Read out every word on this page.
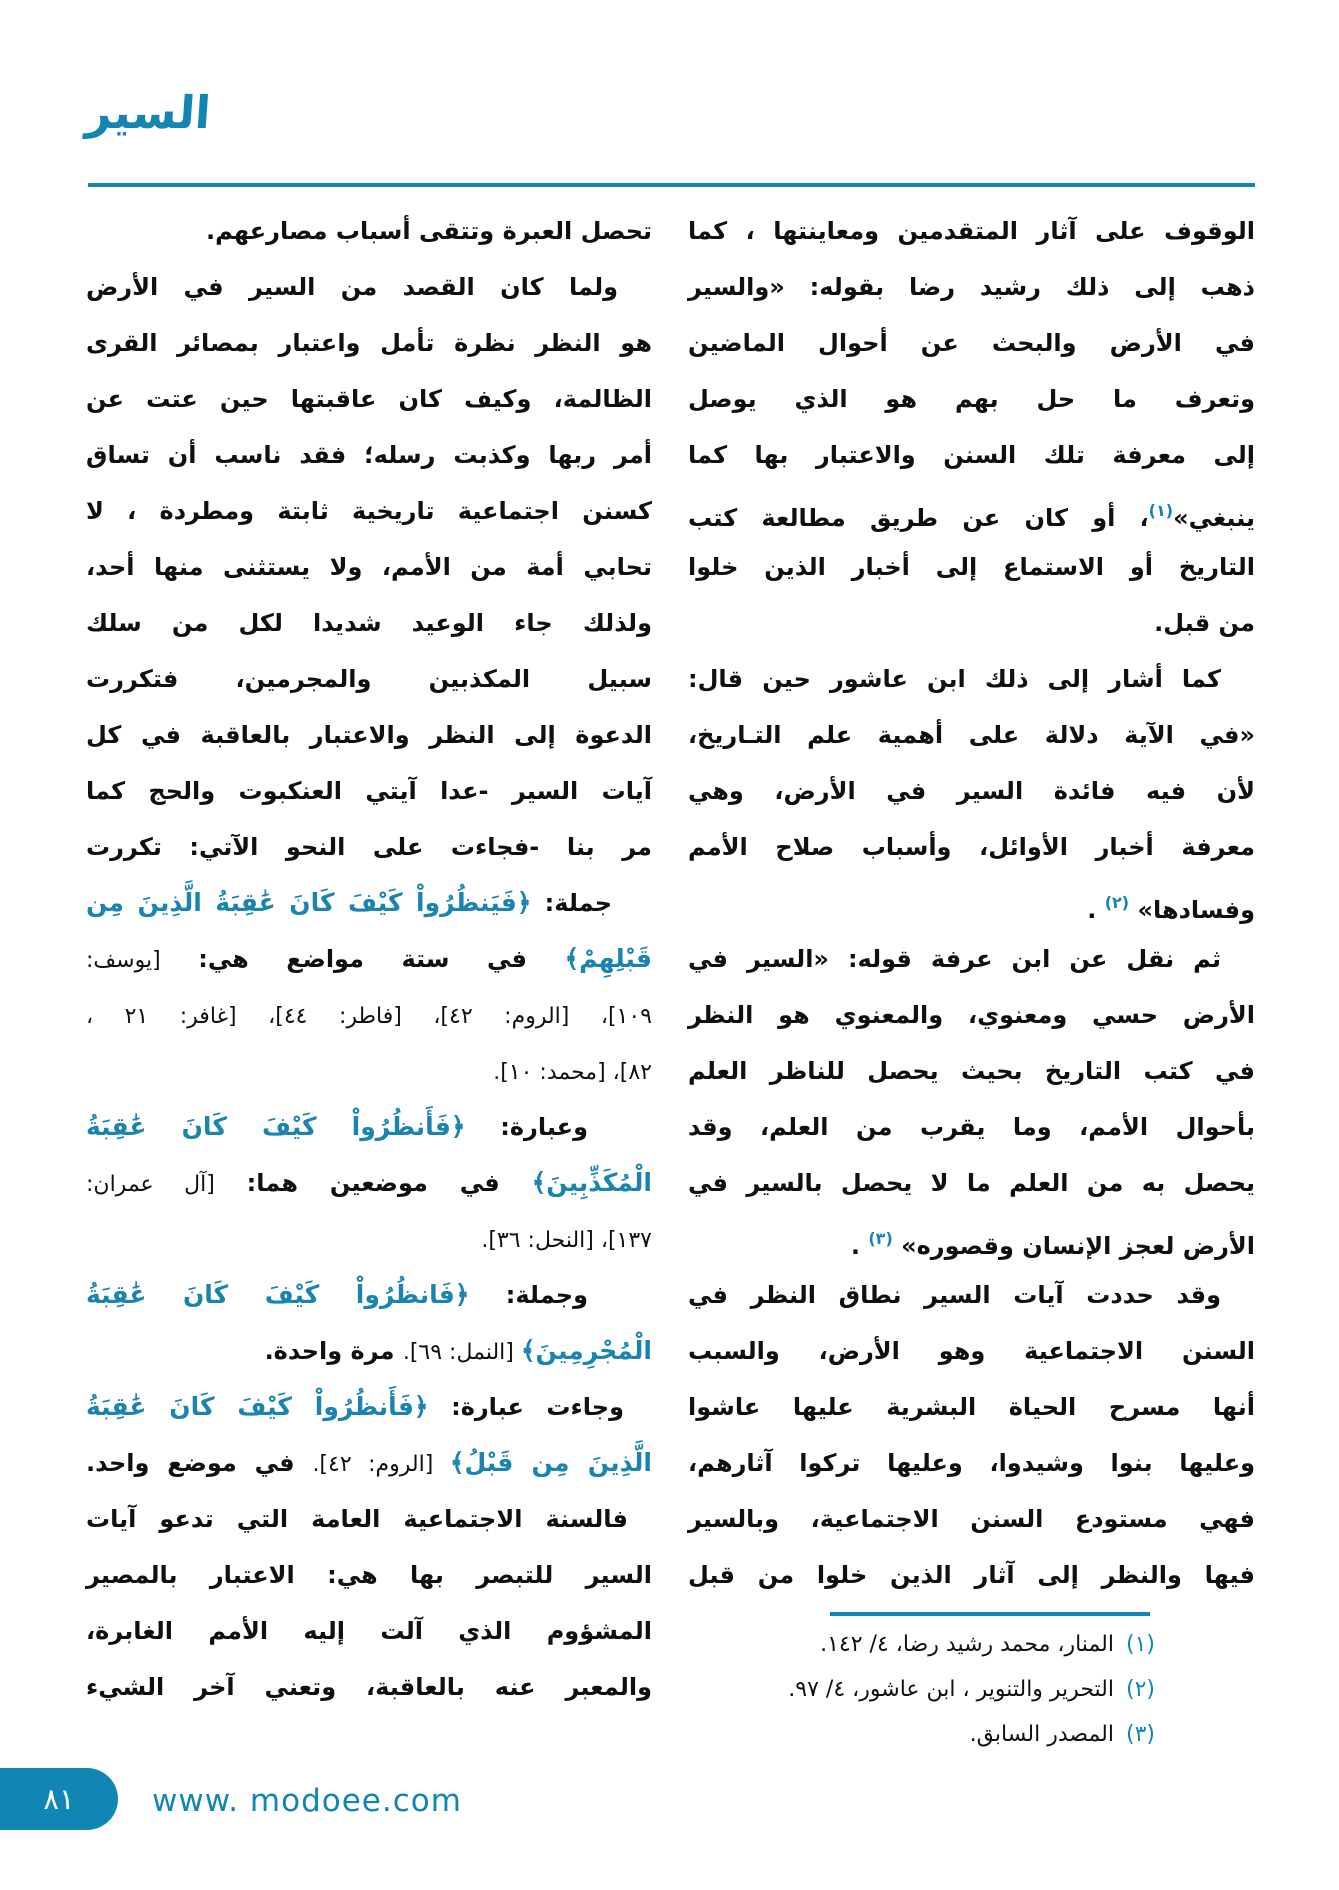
السير
الوقوف على آثار المتقدمين ومعاينتها ، كما
ذهب إلى ذلك رشيد رضا بقوله: «والسير
في الأرض والبحث عن أحوال الماضين
وتعرف ما حل بهم هو الذي يوصل
إلى معرفة تلك السنن والاعتبار بها كما
ينبغي»$^{(١)}$، أو كان عن طريق مطالعة كتب
التاريخ أو الاستماع إلى أخبار الذين خلوا
من قبل.
كما أشار إلى ذلك ابن عاشور حين قال:
«في الآية دلالة على أهمية علم التـاريخ،
لأن فيه فائدة السير في الأرض، وهي
معرفة أخبار الأوائل، وأسباب صلاح الأمم
وفسادها» $^{(٢)}$ .
ثم نقل عن ابن عرفة قوله: «السير في
الأرض حسي ومعنوي، والمعنوي هو النظر
في كتب التاريخ بحيث يحصل للناظر العلم
بأحوال الأمم، وما يقرب من العلم، وقد
يحصل به من العلم ما لا يحصل بالسير في
الأرض لعجز الإنسان وقصوره» $^{(٣)}$ .
وقد حددت آيات السير نطاق النظر في
السنن الاجتماعية وهو الأرض، والسبب
أنها مسرح الحياة البشرية عليها عاشوا
وعليها بنوا وشيدوا، وعليها تركوا آثارهم،
فهي مستودع السنن الاجتماعية، وبالسير
فيها والنظر إلى آثار الذين خلوا من قبل
تحصل العبرة وتتقى أسباب مصارعهم.
ولما كان القصد من السير في الأرض
هو النظر نظرة تأمل واعتبار بمصائر القرى
الظالمة، وكيف كان عاقبتها حين عتت عن
أمر ربها وكذبت رسله؛ فقد ناسب أن تساق
كسنن اجتماعية تاريخية ثابتة ومطردة ، لا
تحابي أمة من الأمم، ولا يستثنى منها أحد،
ولذلك جاء الوعيد شديدا لكل من سلك
سبيل المكذبين والمجرمين، فتكررت
الدعوة إلى النظر والاعتبار بالعاقبة في كل
آيات السير -عدا آيتي العنكبوت والحج كما
مر بنا -فجاءت على النحو الآتي: تكررت
جملة: ﴿فَيَنظُرُواْ كَيْفَ كَانَ عَٰقِبَةُ الَّذِينَ مِن
قَبْلِهِمْ﴾ في ستة مواضع هي: [يوسف:
١٠٩]، [الروم: ٤٢]، [فاطر: ٤٤]، [غافر: ٢١ ،
٨٢]، [محمد: ١٠].
وعبارة: ﴿فَأَنظُرُواْ كَيْفَ كَانَ عَٰقِبَةُ
الْمُكَذِّبِينَ﴾ في موضعين هما: [آل عمران:
١٣٧]، [النحل: ٣٦].
وجملة: ﴿فَانظُرُواْ كَيْفَ كَانَ عَٰقِبَةُ
الْمُجْرِمِينَ﴾ [النمل: ٦٩]. مرة واحدة.
وجاءت عبارة: ﴿فَأَنظُرُواْ كَيْفَ كَانَ عَٰقِبَةُ
الَّذِينَ مِن قَبْلُ﴾ [الروم: ٤٢]. في موضع واحد.
فالسنة الاجتماعية العامة التي تدعو آيات
السير للتبصر بها هي: الاعتبار بالمصير
المشؤوم الذي آلت إليه الأمم الغابرة،
والمعبر عنه بالعاقبة، وتعني آخر الشيء
(١)
المنار، محمد رشيد رضا، ٤/ ١٤٢.
(٢)
التحرير والتنوير ، ابن عاشور، ٤/ ٩٧.
(٣)
المصدر السابق.
٨١ www. modoee.com
